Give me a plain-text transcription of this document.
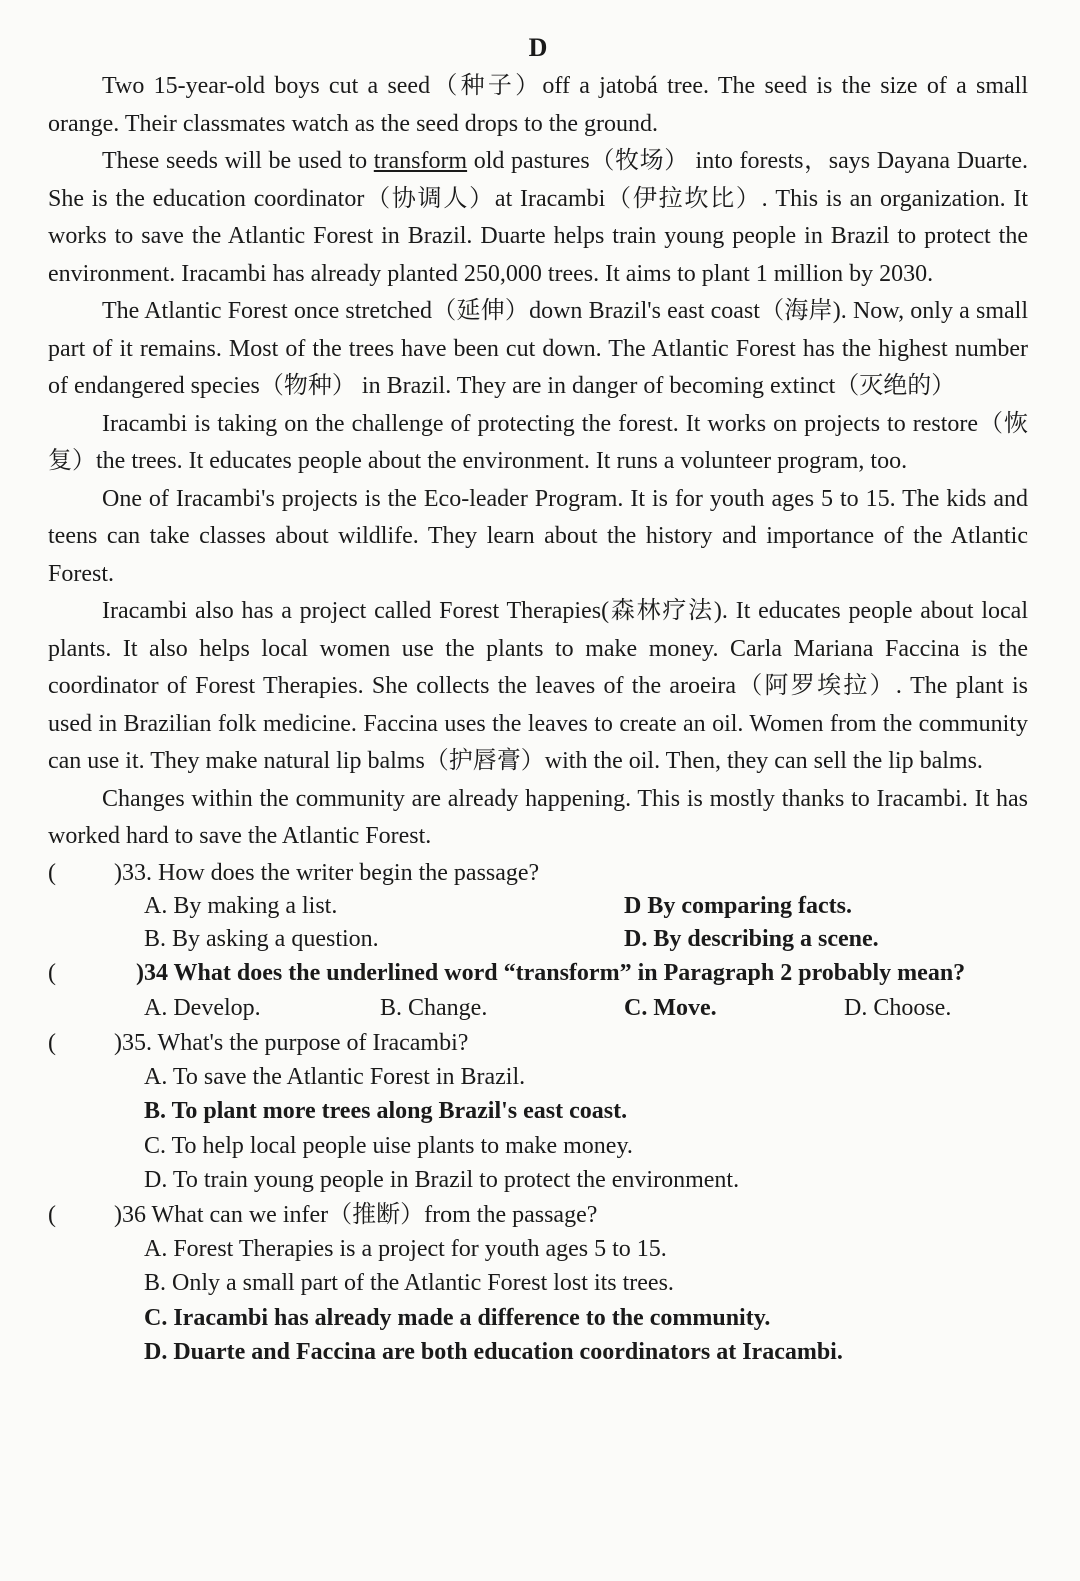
D

Two 15-year-old boys cut a seed（种子）off a jatobá tree. The seed is the size of a small orange. Their classmates watch as the seed drops to the ground.

These seeds will be used to transform old pastures（牧场） into forests，says Dayana Duarte. She is the education coordinator（协调人）at Iracambi（伊拉坎比）. This is an organization. It works to save the Atlantic Forest in Brazil. Duarte helps train young people in Brazil to protect the environment. Iracambi has already planted 250,000 trees. It aims to plant 1 million by 2030.

The Atlantic Forest once stretched（延伸）down Brazil's east coast（海岸). Now, only a small part of it remains. Most of the trees have been cut down. The Atlantic Forest has the highest number of endangered species（物种） in Brazil. They are in danger of becoming extinct（灭绝的）

Iracambi is taking on the challenge of protecting the forest. It works on projects to restore（恢复）the trees. It educates people about the environment. It runs a volunteer program, too.

One of Iracambi's projects is the Eco-leader Program. It is for youth ages 5 to 15. The kids and teens can take classes about wildlife. They learn about the history and importance of the Atlantic Forest.

Iracambi also has a project called Forest Therapies(森林疗法). It educates people about local plants. It also helps local women use the plants to make money. Carla Mariana Faccina is the coordinator of Forest Therapies. She collects the leaves of the aroeira（阿罗埃拉）. The plant is used in Brazilian folk medicine. Faccina uses the leaves to create an oil. Women from the community can use it. They make natural lip balms（护唇膏）with the oil. Then, they can sell the lip balms.

Changes within the community are already happening. This is mostly thanks to Iracambi. It has worked hard to save the Atlantic Forest.

( )33. How does the writer begin the passage?

A. By making a list.	D By comparing facts.
B. By asking a question.	D. By describing a scene.

(	)34 What does the underlined word “transform” in Paragraph 2 probably mean?

A. Develop.	B. Change.	C. Move.	D. Choose.

( )35. What's the purpose of Iracambi?

A. To save the Atlantic Forest in Brazil.
B. To plant more trees along Brazil's east coast.
C. To help local people uise plants to make money.
D. To train young people in Brazil to protect the environment.

( )36 What can we infer（推断）from the passage?

A. Forest Therapies is a project for youth ages 5 to 15.
B. Only a small part of the Atlantic Forest lost its trees.
C. Iracambi has already made a difference to the community.
D. Duarte and Faccina are both education coordinators at Iracambi.
